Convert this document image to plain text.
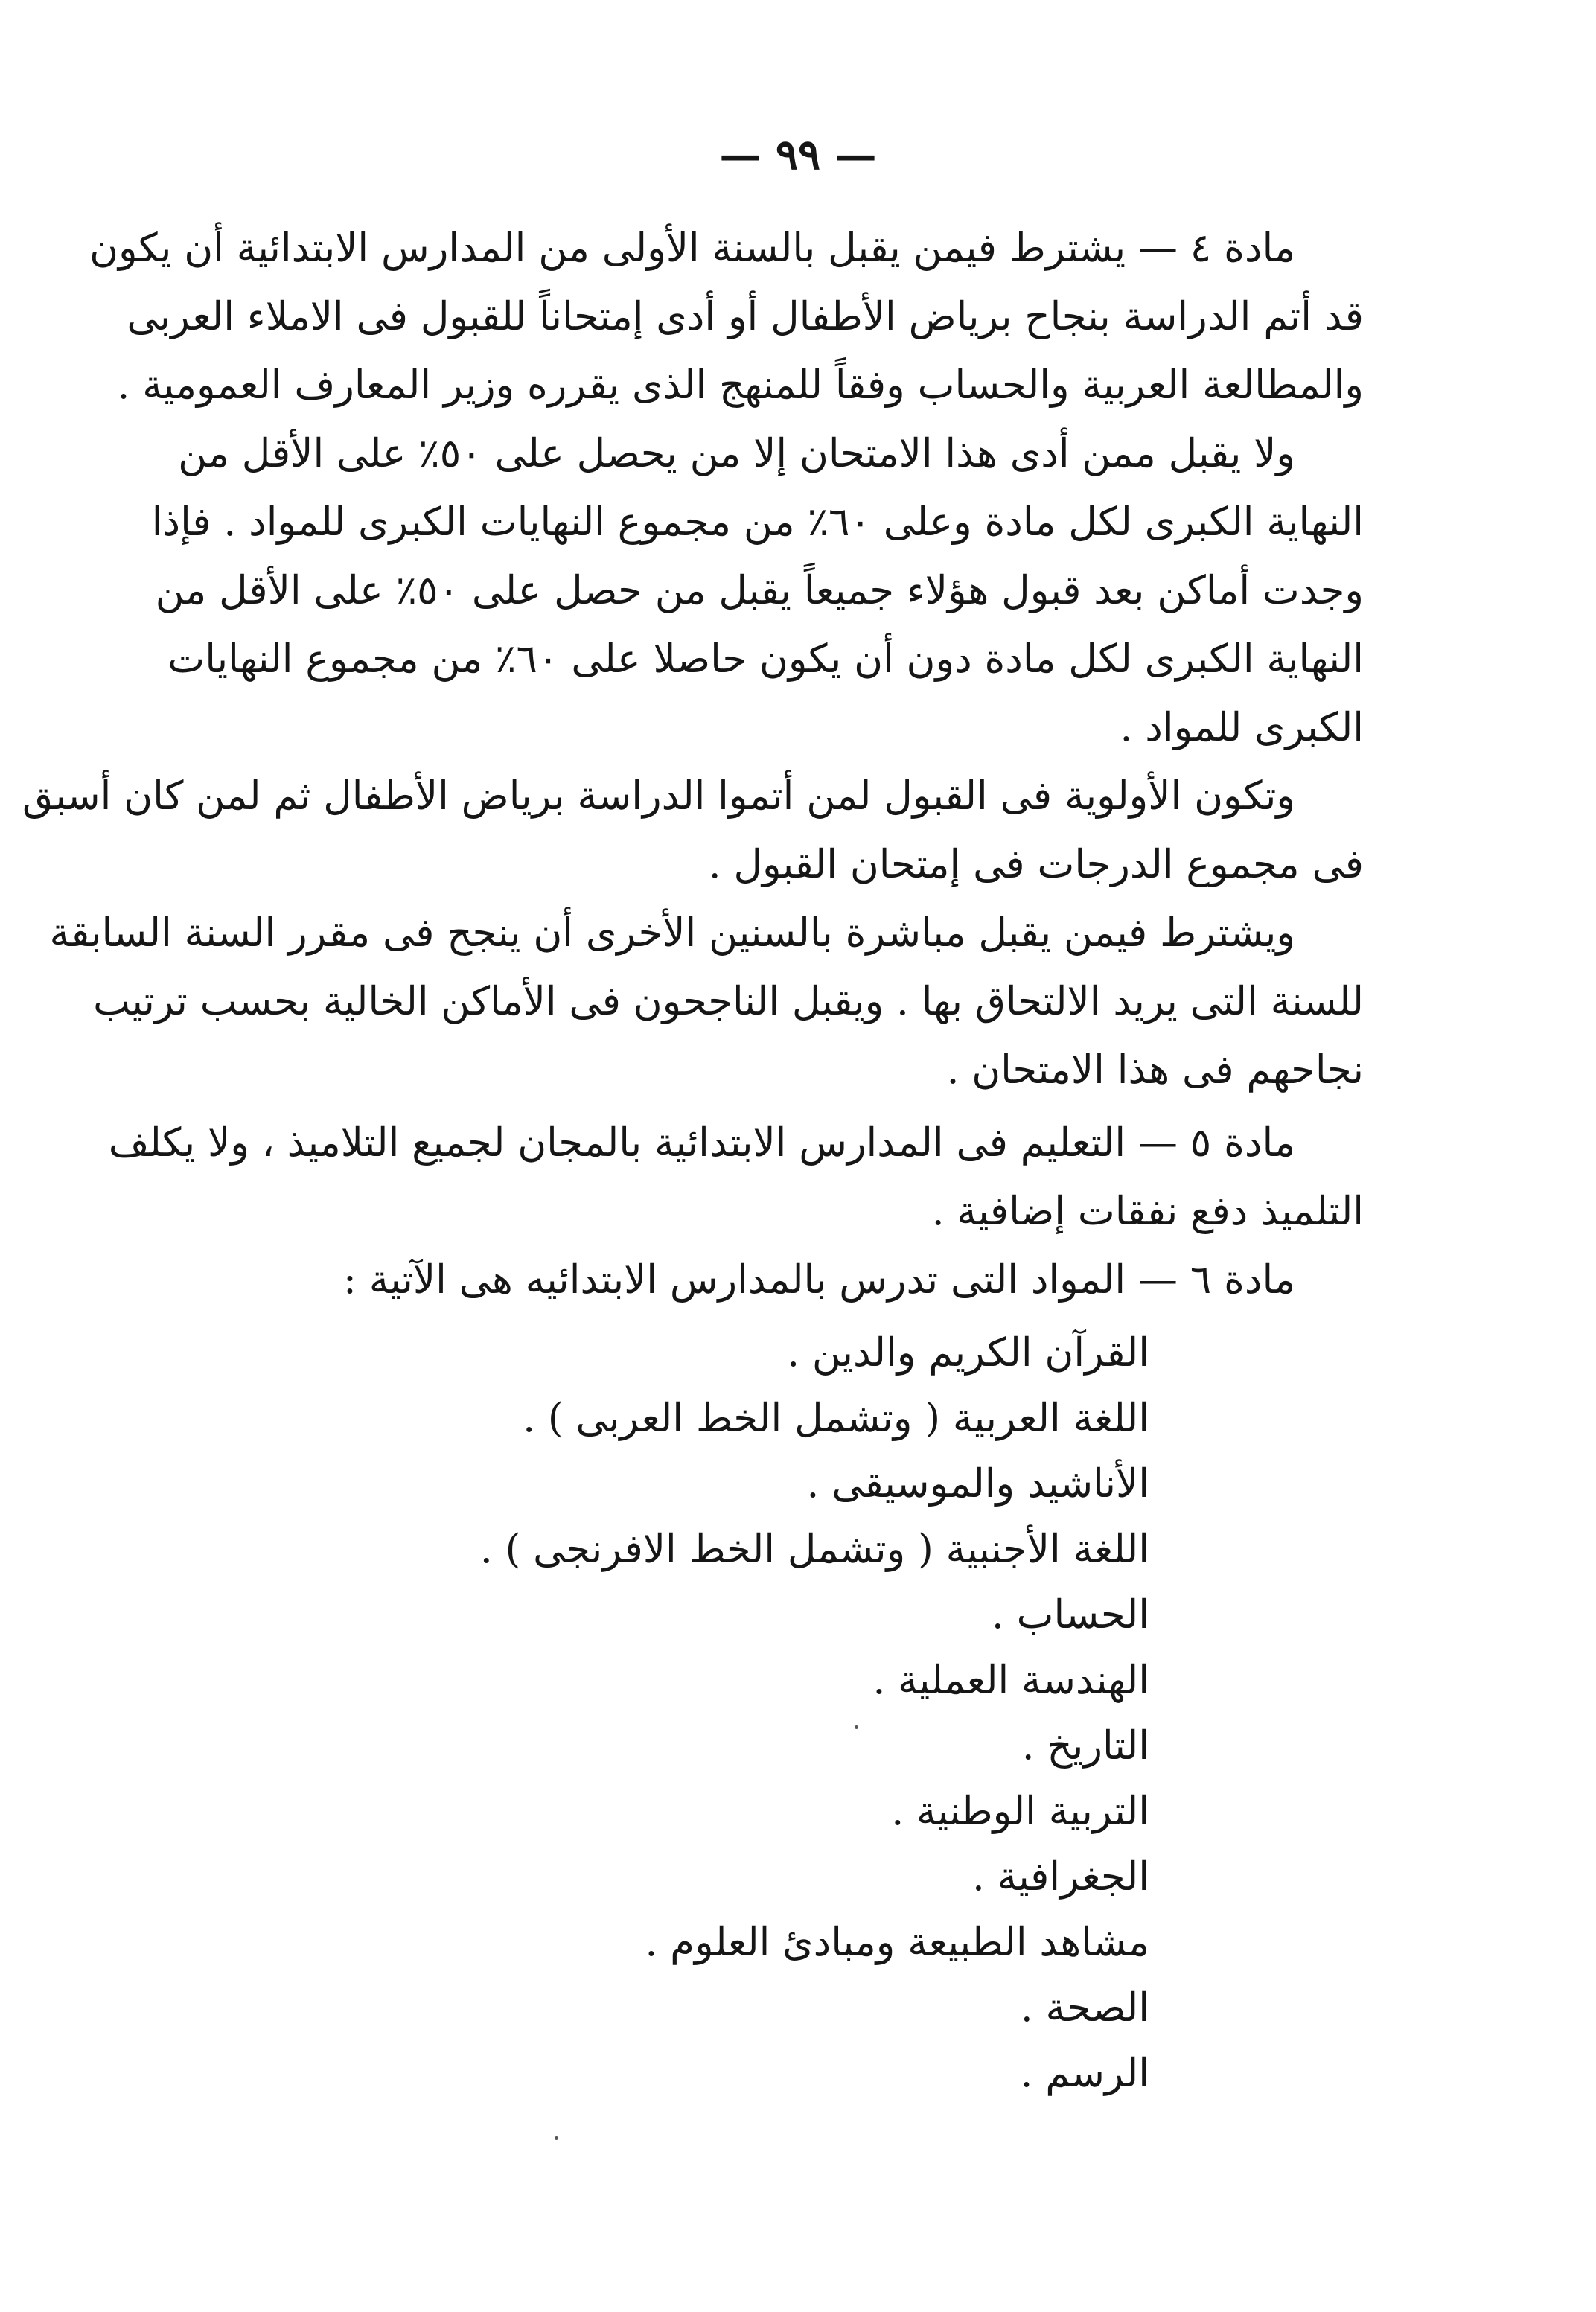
— ٩٩ —
مادة ٤ — يشترط فيمن يقبل بالسنة الأولى من المدارس الابتدائية أن يكون
قد أتم الدراسة بنجاح برياض الأطفال أو أدى إمتحاناً للقبول فى الاملاء العربى
والمطالعة العربية والحساب وفقاً للمنهج الذى يقرره وزير المعارف العمومية .
ولا يقبل ممن أدى هذا الامتحان إلا من يحصل على ٥٠٪ على الأقل من
النهاية الكبرى لكل مادة وعلى ٦٠٪ من مجموع النهايات الكبرى للمواد . فإذا
وجدت أماكن بعد قبول هؤلاء جميعاً يقبل من حصل على ٥٠٪ على الأقل من
النهاية الكبرى لكل مادة دون أن يكون حاصلا على ٦٠٪ من مجموع النهايات
الكبرى للمواد .
وتكون الأولوية فى القبول لمن أتموا الدراسة برياض الأطفال ثم لمن كان أسبق
فى مجموع الدرجات فى إمتحان القبول .
ويشترط فيمن يقبل مباشرة بالسنين الأخرى أن ينجح فى مقرر السنة السابقة
للسنة التى يريد الالتحاق بها . ويقبل الناجحون فى الأماكن الخالية بحسب ترتيب
نجاحهم فى هذا الامتحان .
مادة ٥ — التعليم فى المدارس الابتدائية بالمجان لجميع التلاميذ ، ولا يكلف
التلميذ دفع نفقات إضافية .
مادة ٦ — المواد التى تدرس بالمدارس الابتدائيه هى الآتية :
القرآن الكريم والدين .
اللغة العربية ( وتشمل الخط العربى ) .
الأناشيد والموسيقى .
اللغة الأجنبية ( وتشمل الخط الافرنجى ) .
الحساب .
الهندسة العملية .
التاريخ .
التربية الوطنية .
الجغرافية .
مشاهد الطبيعة ومبادئ العلوم .
الصحة .
الرسم .
